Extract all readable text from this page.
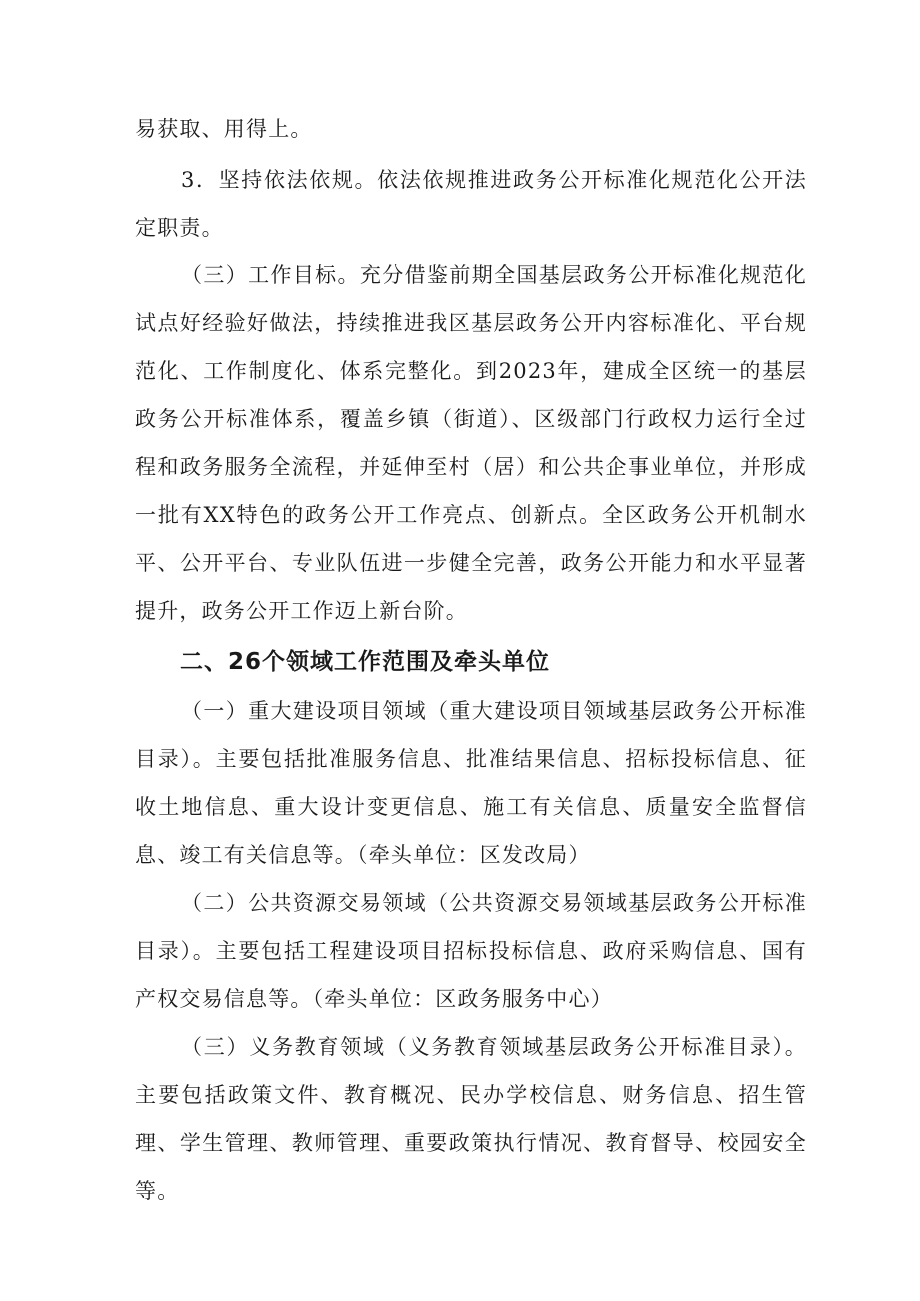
易获取、用得上。

3．坚持依法依规。依法依规推进政务公开标准化规范化公开法定职责。

（三）工作目标。充分借鉴前期全国基层政务公开标准化规范化试点好经验好做法，持续推进我区基层政务公开内容标准化、平台规范化、工作制度化、体系完整化。到2023年，建成全区统一的基层政务公开标准体系，覆盖乡镇（街道）、区级部门行政权力运行全过程和政务服务全流程，并延伸至村（居）和公共企事业单位，并形成一批有XX特色的政务公开工作亮点、创新点。全区政务公开机制水平、公开平台、专业队伍进一步健全完善，政务公开能力和水平显著提升，政务公开工作迈上新台阶。

二、26个领域工作范围及牵头单位

（一）重大建设项目领域（重大建设项目领域基层政务公开标准目录）。主要包括批准服务信息、批准结果信息、招标投标信息、征收土地信息、重大设计变更信息、施工有关信息、质量安全监督信息、竣工有关信息等。（牵头单位：区发改局）

（二）公共资源交易领域（公共资源交易领域基层政务公开标准目录）。主要包括工程建设项目招标投标信息、政府采购信息、国有产权交易信息等。（牵头单位：区政务服务中心）

（三）义务教育领域（义务教育领域基层政务公开标准目录）。主要包括政策文件、教育概况、民办学校信息、财务信息、招生管理、学生管理、教师管理、重要政策执行情况、教育督导、校园安全等。
